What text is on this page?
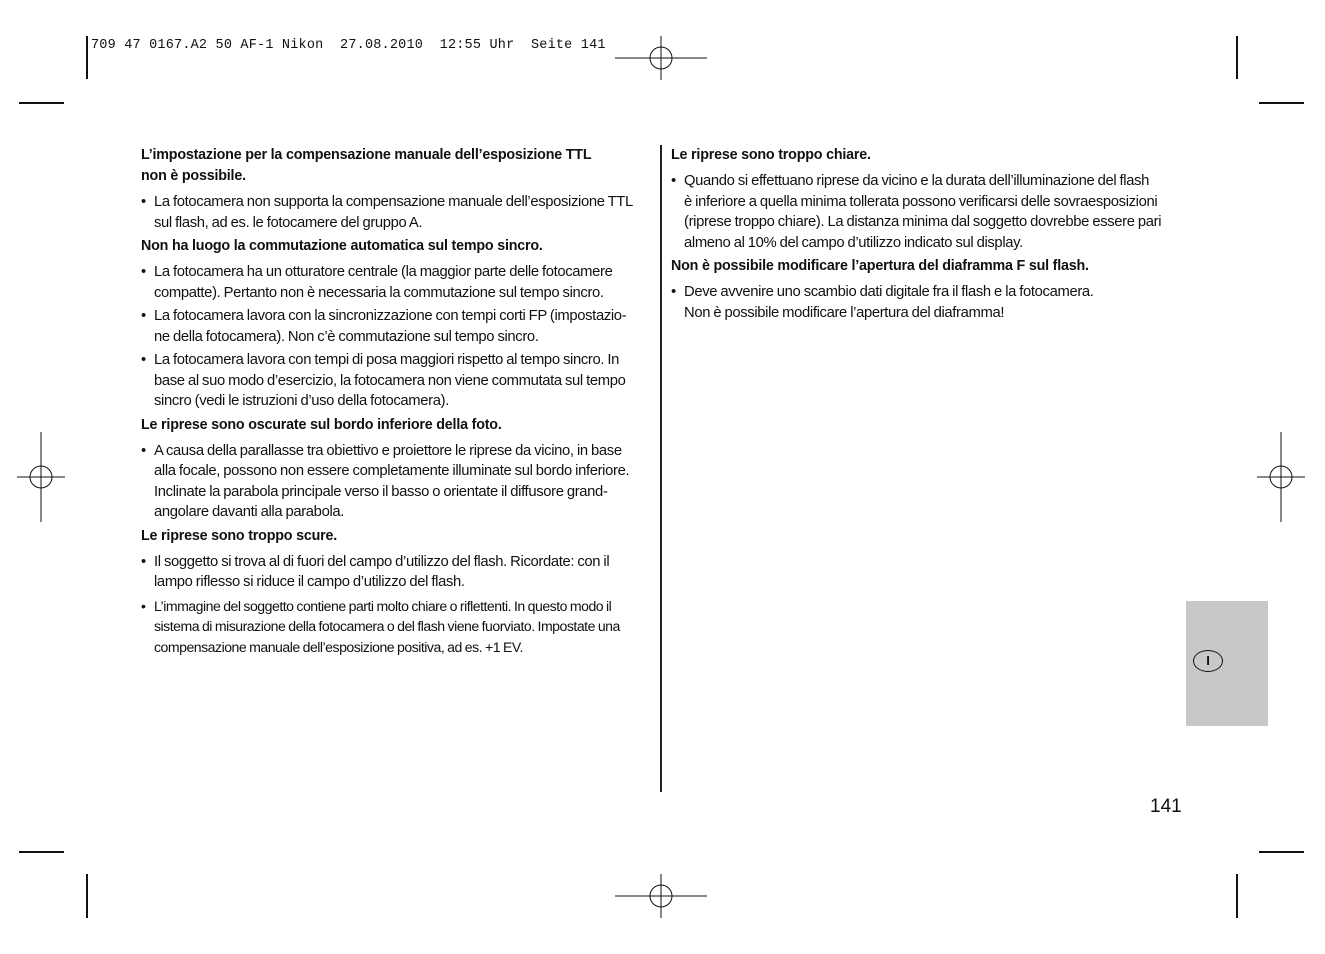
709 47 0167.A2 50 AF-1 Nikon  27.08.2010  12:55 Uhr  Seite 141
L’impostazione per la compensazione manuale dell’esposizione TTL
non è possibile.
• La fotocamera non supporta la compensazione manuale dell’esposizione TTL
sul flash, ad es. le fotocamere del gruppo A.
Non ha luogo la commutazione automatica sul tempo sincro.
• La fotocamera ha un otturatore centrale (la maggior parte delle fotocamere
compatte). Pertanto non è necessaria la commutazione sul tempo sincro.
• La fotocamera lavora con la sincronizzazione con tempi corti FP (impostazio-
ne della fotocamera). Non c’è commutazione sul tempo sincro.
• La fotocamera lavora con tempi di posa maggiori rispetto al tempo sincro. In
base al suo modo d’esercizio, la fotocamera non viene commutata sul tempo
sincro (vedi le istruzioni d’uso della fotocamera).
Le riprese sono oscurate sul bordo inferiore della foto.
• A causa della parallasse tra obiettivo e proiettore le riprese da vicino, in base
alla focale, possono non essere completamente illuminate sul bordo inferiore.
Inclinate la parabola principale verso il basso o orientate il diffusore grand-
angolare davanti alla parabola.
Le riprese sono troppo scure.
• Il soggetto si trova al di fuori del campo d’utilizzo del flash. Ricordate: con il
lampo riflesso si riduce il campo d’utilizzo del flash.
• L’immagine del soggetto contiene parti molto chiare o riflettenti. In questo modo il
sistema di misurazione della fotocamera o del flash viene fuorviato. Impostate una
compensazione manuale dell’esposizione positiva, ad es. +1 EV.
Le riprese sono troppo chiare.
• Quando si effettuano riprese da vicino e la durata dell’illuminazione del flash
è inferiore a quella minima tollerata possono verificarsi delle sovraesposizioni
(riprese troppo chiare). La distanza minima dal soggetto dovrebbe essere pari
almeno al 10% del campo d’utilizzo indicato sul display.
Non è possibile modificare l’apertura del diaframma F sul flash.
• Deve avvenire uno scambio dati digitale fra il flash e la fotocamera.
Non è possibile modificare l’apertura del diaframma!
I
141
